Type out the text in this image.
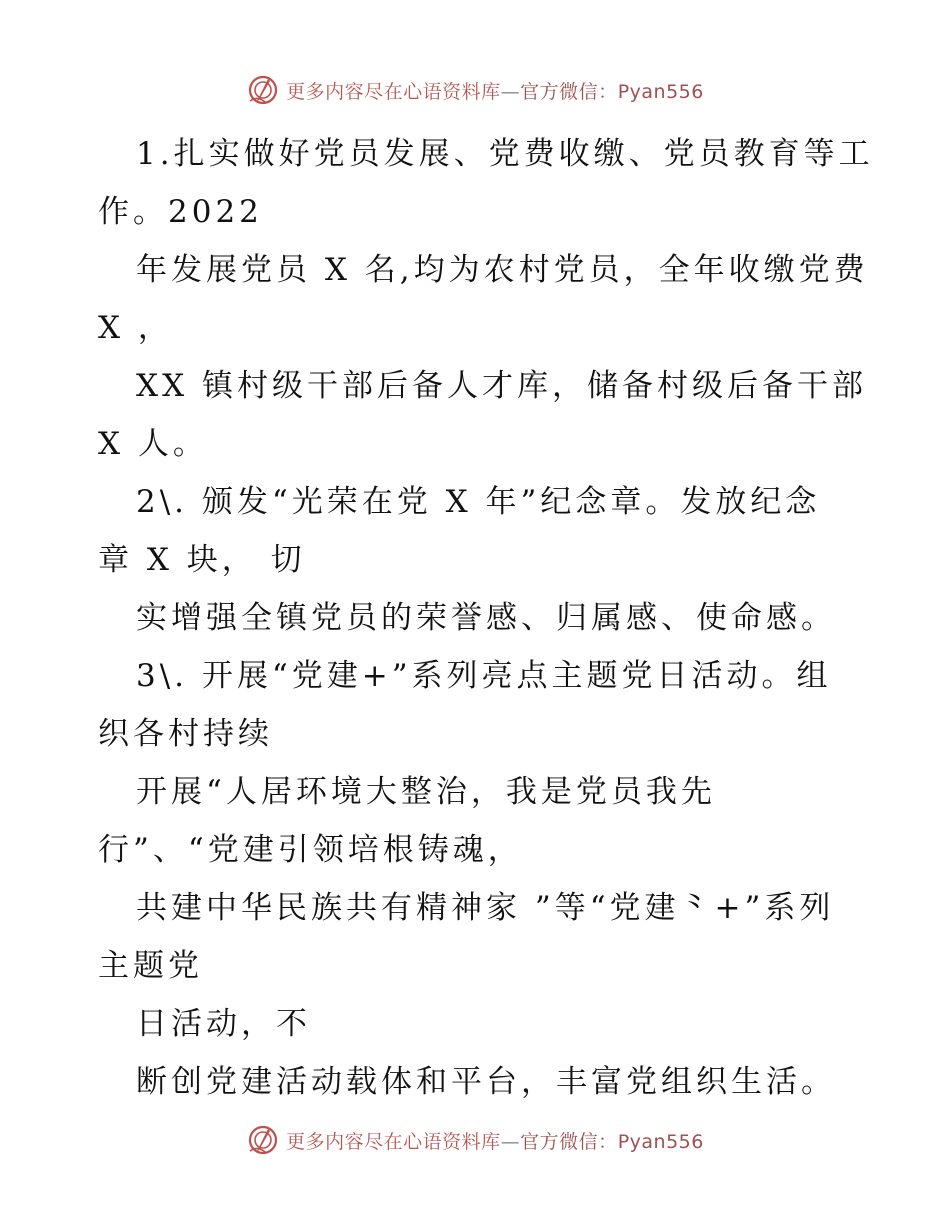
更多内容尽在心语资料库—官方微信：Pyan556
1.扎实做好党员发展、党费收缴、党员教育等工
作。2022
年发展党员 X 名,均为农村党员，全年收缴党费
X ，
XX 镇村级干部后备人才库，储备村级后备干部
X 人。
2\. 颁发“光荣在党 X 年”纪念章。发放纪念
章 X 块， 切
实增强全镇党员的荣誉感、归属感、使命感。
3\. 开展“党建+”系列亮点主题党日活动。组
织各村持续
开展“人居环境大整治，我是党员我先
行”、“党建引领培根铸魂，
共建中华民族共有精神家 ”等“党建⺀+”系列
主题党
日活动，不
断创党建活动载体和平台，丰富党组织生活。
更多内容尽在心语资料库—官方微信：Pyan556
